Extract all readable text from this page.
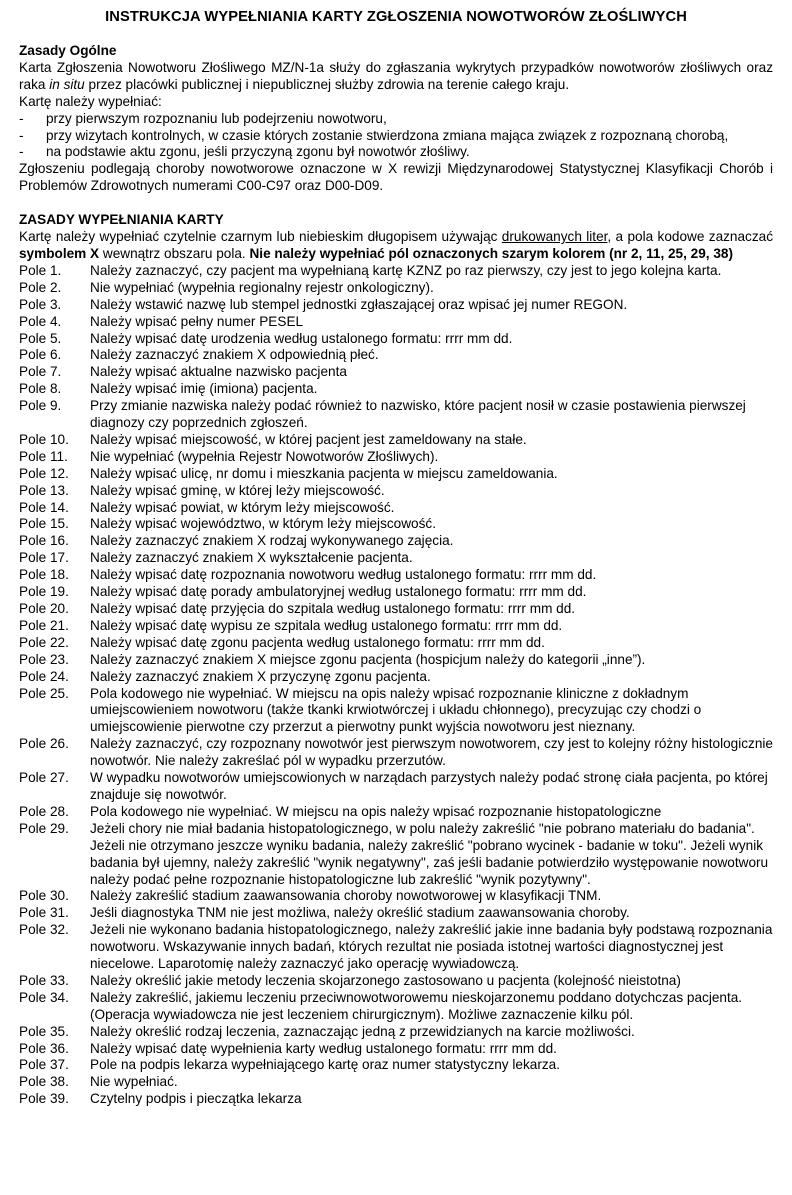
INSTRUKCJA WYPEŁNIANIA KARTY ZGŁOSZENIA NOWOTWORÓW ZŁOŚLIWYCH
Zasady Ogólne

Karta Zgłoszenia Nowotworu Złośliwego MZ/N-1a służy do zgłaszania wykrytych przypadków nowotworów złośliwych oraz raka in situ przez placówki publicznej i niepublicznej służby zdrowia na terenie całego kraju.

Kartę należy wypełniać:

-	przy pierwszym rozpoznaniu lub podejrzeniu nowotworu,
-	przy wizytach kontrolnych, w czasie których zostanie stwierdzona zmiana mająca związek z rozpoznaną chorobą,
-	na podstawie aktu zgonu, jeśli przyczyną zgonu był nowotwór złośliwy.

Zgłoszeniu podlegają choroby nowotworowe oznaczone w X rewizji Międzynarodowej Statystycznej Klasyfikacji Chorób i Problemów Zdrowotnych numerami C00-C97 oraz D00-D09.

ZASADY WYPEŁNIANIA KARTY

Kartę należy wypełniać czytelnie czarnym lub niebieskim długopisem używając drukowanych liter, a pola kodowe zaznaczać symbolem X wewnątrz obszaru pola. Nie należy wypełniać pól oznaczonych szarym kolorem (nr 2, 11, 25, 29, 38)

Pole 1.	Należy zaznaczyć, czy pacjent ma wypełnianą kartę KZNZ po raz pierwszy, czy jest to jego kolejna karta.
Pole 2.	Nie wypełniać (wypełnia regionalny rejestr onkologiczny).
Pole 3.	Należy wstawić nazwę lub stempel jednostki zgłaszającej oraz wpisać jej numer REGON.
Pole 4.	Należy wpisać pełny numer PESEL
Pole 5.	Należy wpisać datę urodzenia według ustalonego formatu: rrrr mm dd.
Pole 6.	Należy zaznaczyć znakiem X odpowiednią płeć.
Pole 7.	Należy wpisać aktualne nazwisko pacjenta
Pole 8.	Należy wpisać imię (imiona) pacjenta.
Pole 9.	Przy zmianie nazwiska należy podać również to nazwisko, które pacjent nosił w czasie postawienia pierwszej diagnozy czy poprzednich zgłoszeń.
Pole 10.	Należy wpisać miejscowość, w której pacjent jest zameldowany na stałe.
Pole 11.	Nie wypełniać (wypełnia Rejestr Nowotworów Złośliwych).
Pole 12.	Należy wpisać ulicę, nr domu i mieszkania pacjenta w miejscu zameldowania.
Pole 13.	Należy wpisać gminę, w której leży miejscowość.
Pole 14.	Należy wpisać powiat, w którym leży miejscowość.
Pole 15.	Należy wpisać województwo, w którym leży miejscowość.
Pole 16.	Należy zaznaczyć znakiem X rodzaj wykonywanego zajęcia.
Pole 17.	Należy zaznaczyć znakiem X wykształcenie pacjenta.
Pole 18.	Należy wpisać datę rozpoznania nowotworu według ustalonego formatu: rrrr mm dd.
Pole 19.	Należy wpisać datę porady ambulatoryjnej według ustalonego formatu: rrrr mm dd.
Pole 20.	Należy wpisać datę przyjęcia do szpitala według ustalonego formatu: rrrr mm dd.
Pole 21.	Należy wpisać datę wypisu ze szpitala według ustalonego formatu: rrrr mm dd.
Pole 22.	Należy wpisać datę zgonu pacjenta według ustalonego formatu: rrrr mm dd.
Pole 23.	Należy zaznaczyć znakiem X miejsce zgonu pacjenta (hospicjum należy do kategorii „inne”).
Pole 24.	Należy zaznaczyć znakiem X przyczynę zgonu pacjenta.
Pole 25.	Pola kodowego nie wypełniać. W miejscu na opis należy wpisać rozpoznanie kliniczne z dokładnym umiejscowieniem nowotworu (także tkanki krwiotwórczej i układu chłonnego), precyzując czy chodzi o umiejscowienie pierwotne czy przerzut a pierwotny punkt wyjścia nowotworu jest nieznany.
Pole 26.	Należy zaznaczyć, czy rozpoznany nowotwór jest pierwszym nowotworem, czy jest to kolejny różny histologicznie nowotwór. Nie należy zakreślać pól w wypadku przerzutów.
Pole 27.	W wypadku nowotworów umiejscowionych w narządach parzystych należy podać stronę ciała pacjenta, po której znajduje się nowotwór.
Pole 28.	Pola kodowego nie wypełniać. W miejscu na opis należy wpisać rozpoznanie histopatologiczne
Pole 29.	Jeżeli chory nie miał badania histopatologicznego, w polu należy zakreślić "nie pobrano materiału do badania". Jeżeli nie otrzymano jeszcze wyniku badania, należy zakreślić "pobrano wycinek - badanie w toku". Jeżeli wynik badania był ujemny, należy zakreślić "wynik negatywny", zaś jeśli badanie potwierdziło występowanie nowotworu należy podać pełne rozpoznanie histopatologiczne lub zakreślić "wynik pozytywny".
Pole 30.	Należy zakreślić stadium zaawansowania choroby nowotworowej w klasyfikacji TNM.
Pole 31.	Jeśli diagnostyka TNM nie jest możliwa, należy określić stadium zaawansowania choroby.
Pole 32.	Jeżeli nie wykonano badania histopatologicznego, należy zakreślić jakie inne badania były podstawą rozpoznania nowotworu. Wskazywanie innych badań, których rezultat nie posiada istotnej wartości diagnostycznej jest niecelowe. Laparotomię należy zaznaczyć jako operację wywiadowczą.
Pole 33.	Należy określić jakie metody leczenia skojarzonego zastosowano u pacjenta (kolejność nieistotna)
Pole 34.	Należy zakreślić, jakiemu leczeniu przeciwnowotworowemu nieskojarzonemu poddano dotychczas pacjenta. (Operacja wywiadowcza nie jest leczeniem chirurgicznym). Możliwe zaznaczenie kilku pól.
Pole 35.	Należy określić rodzaj leczenia, zaznaczając jedną z przewidzianych na karcie możliwości.
Pole 36.	Należy wpisać datę wypełnienia karty według ustalonego formatu: rrrr mm dd.
Pole 37.	Pole na podpis lekarza wypełniającego kartę oraz numer statystyczny lekarza.
Pole 38.	Nie wypełniać.
Pole 39.	Czytelny podpis i pieczątka lekarza
